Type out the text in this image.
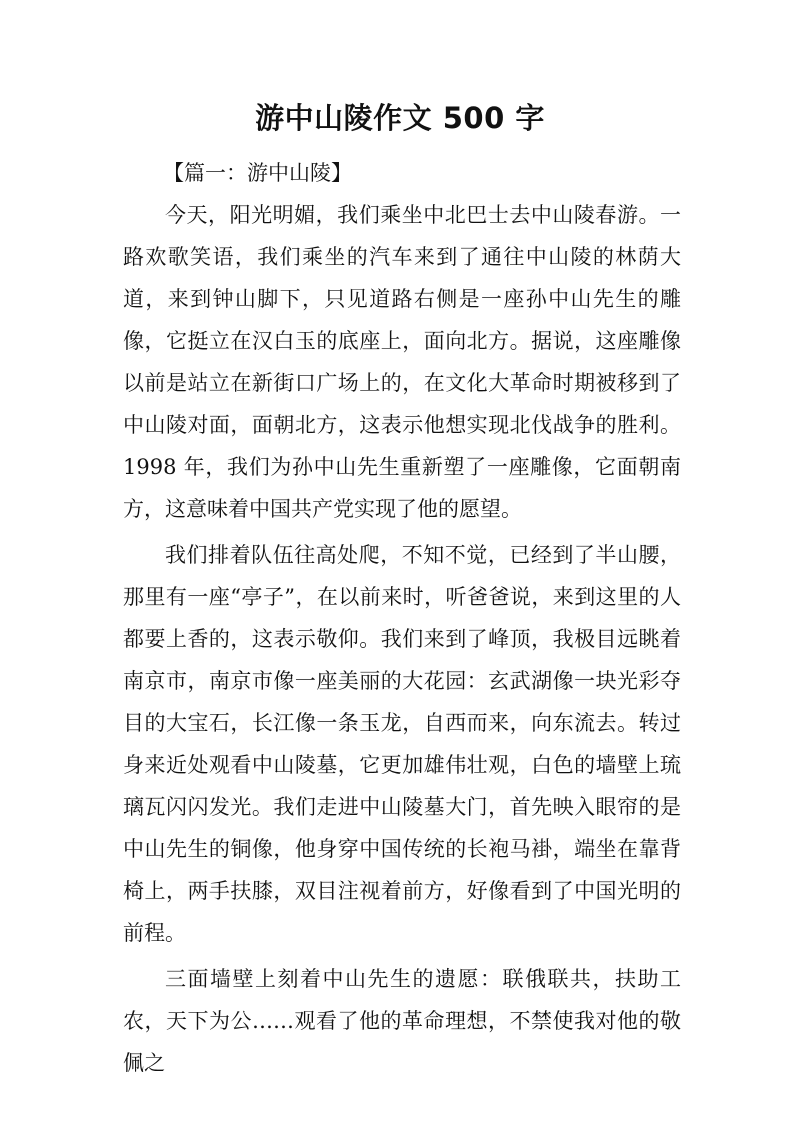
游中山陵作文 500 字

【篇一：游中山陵】

今天，阳光明媚，我们乘坐中北巴士去中山陵春游。一路欢歌笑语，我们乘坐的汽车来到了通往中山陵的林荫大道，来到钟山脚下，只见道路右侧是一座孙中山先生的雕像，它挺立在汉白玉的底座上，面向北方。据说，这座雕像以前是站立在新街口广场上的，在文化大革命时期被移到了中山陵对面，面朝北方，这表示他想实现北伐战争的胜利。1998 年，我们为孙中山先生重新塑了一座雕像，它面朝南方，这意味着中国共产党实现了他的愿望。

我们排着队伍往高处爬，不知不觉，已经到了半山腰，那里有一座“亭子”，在以前来时，听爸爸说，来到这里的人都要上香的，这表示敬仰。我们来到了峰顶，我极目远眺着南京市，南京市像一座美丽的大花园：玄武湖像一块光彩夺目的大宝石，长江像一条玉龙，自西而来，向东流去。转过身来近处观看中山陵墓，它更加雄伟壮观，白色的墙壁上琉璃瓦闪闪发光。我们走进中山陵墓大门，首先映入眼帘的是中山先生的铜像，他身穿中国传统的长袍马褂，端坐在靠背椅上，两手扶膝，双目注视着前方，好像看到了中国光明的前程。

三面墙壁上刻着中山先生的遗愿：联俄联共，扶助工农，天下为公……观看了他的革命理想，不禁使我对他的敬佩之
